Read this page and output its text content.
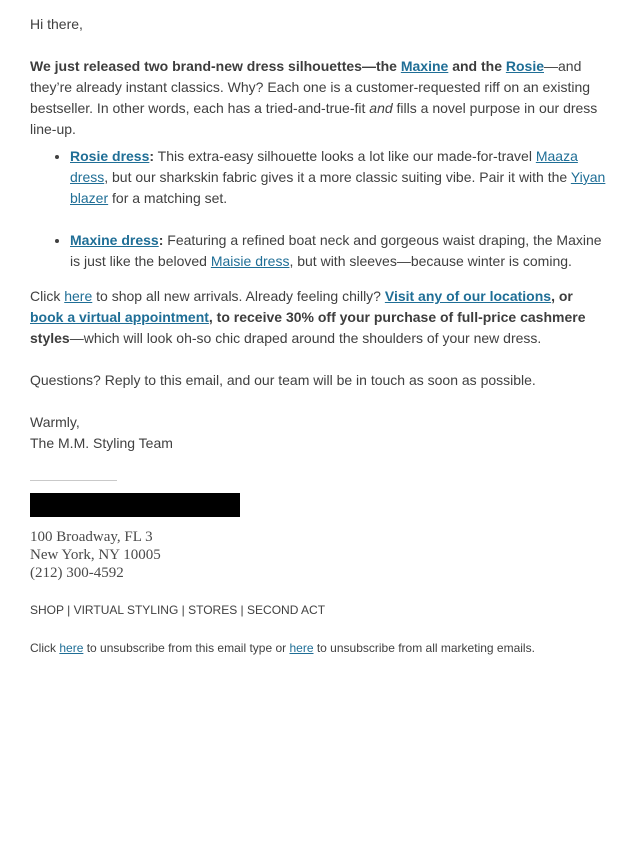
Hi there,

We just released two brand-new dress silhouettes—the Maxine and the Rosie—and they’re already instant classics. Why? Each one is a customer-requested riff on an existing bestseller. In other words, each has a tried-and-true-fit and fills a novel purpose in our dress line-up.

• Rosie dress: This extra-easy silhouette looks a lot like our made-for-travel Maaza dress, but our sharkskin fabric gives it a more classic suiting vibe. Pair it with the Yiyan blazer for a matching set.
• Maxine dress: Featuring a refined boat neck and gorgeous waist draping, the Maxine is just like the beloved Maisie dress, but with sleeves—because winter is coming.

Click here to shop all new arrivals. Already feeling chilly? Visit any of our locations, or book a virtual appointment, to receive 30% off your purchase of full-price cashmere styles—which will look oh-so chic draped around the shoulders of your new dress.

Questions? Reply to this email, and our team will be in touch as soon as possible.

Warmly,
The M.M. Styling Team
100 Broadway, FL 3
New York, NY 10005
(212) 300-4592
SHOP | VIRTUAL STYLING | STORES | SECOND ACT

Click here to unsubscribe from this email type or here to unsubscribe from all marketing emails.
